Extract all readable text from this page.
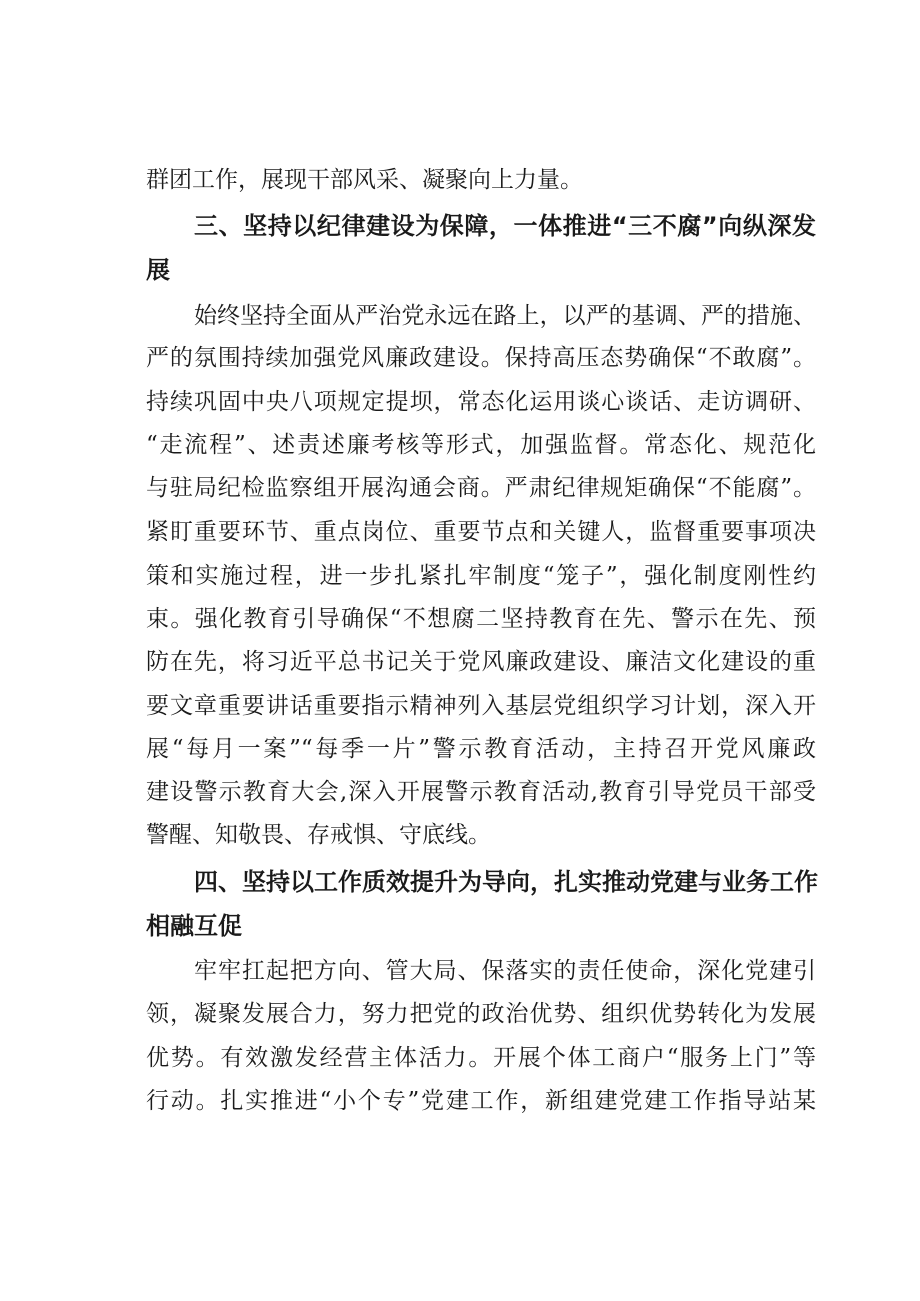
群团工作，展现干部风采、凝聚向上力量。
三、坚持以纪律建设为保障，一体推进“三不腐”向纵深发
展
始终坚持全面从严治党永远在路上，以严的基调、严的措施、
严的氛围持续加强党风廉政建设。保持高压态势确保“不敢腐”。
持续巩固中央八项规定提坝，常态化运用谈心谈话、走访调研、
“走流程”、述责述廉考核等形式，加强监督。常态化、规范化
与驻局纪检监察组开展沟通会商。严肃纪律规矩确保“不能腐”。
紧盯重要环节、重点岗位、重要节点和关键人，监督重要事项决
策和实施过程，进一步扎紧扎牢制度“笼子”，强化制度刚性约
束。强化教育引导确保“不想腐二坚持教育在先、警示在先、预
防在先，将习近平总书记关于党风廉政建设、廉洁文化建设的重
要文章重要讲话重要指示精神列入基层党组织学习计划，深入开
展“每月一案”“每季一片”警示教育活动，主持召开党风廉政
建设警示教育大会,深入开展警示教育活动,教育引导党员干部受
警醒、知敬畏、存戒惧、守底线。
四、坚持以工作质效提升为导向，扎实推动党建与业务工作
相融互促
牢牢扛起把方向、管大局、保落实的责任使命，深化党建引
领，凝聚发展合力，努力把党的政治优势、组织优势转化为发展
优势。有效激发经营主体活力。开展个体工商户“服务上门”等
行动。扎实推进“小个专”党建工作，新组建党建工作指导站某
